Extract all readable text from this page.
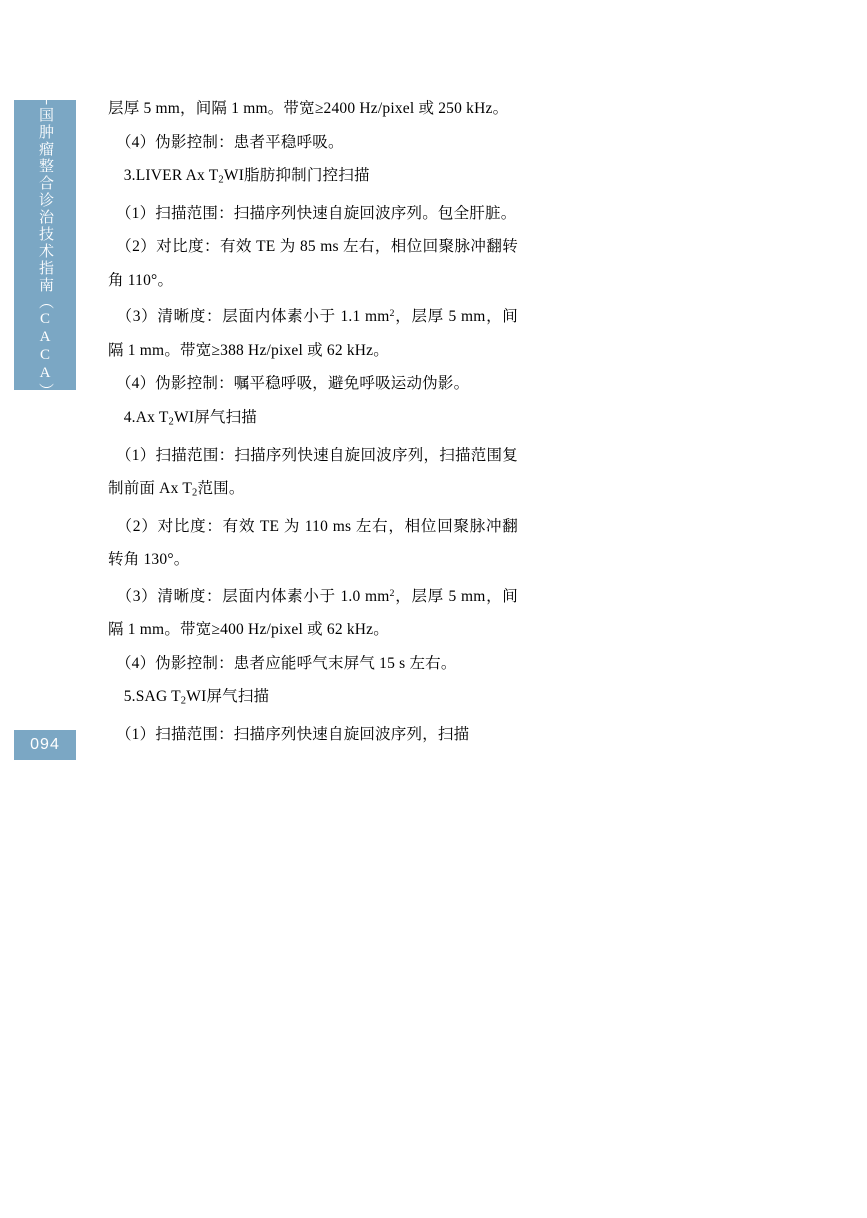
中国肿瘤整合诊治技术指南（CACA）
094

层厚 5 mm，间隔 1 mm。带宽≥2400 Hz/pixel 或 250 kHz。

　（4）伪影控制：患者平稳呼吸。

　3.LIVER Ax $T_2WI$脂肪抑制门控扫描

　（1）扫描范围：扫描序列快速自旋回波序列。包全肝脏。

　（2）对比度：有效 TE 为 85 ms 左右，相位回聚脉冲翻转角 110°。

　（3）清晰度：层面内体素小于 1.1 $mm^2$，层厚 5 mm，间隔 1 mm。带宽≥388 Hz/pixel 或 62 kHz。

　（4）伪影控制：嘱平稳呼吸，避免呼吸运动伪影。

　4.Ax $T_2WI$屏气扫描

　（1）扫描范围：扫描序列快速自旋回波序列，扫描范围复制前面 Ax $T_2$范围。

　（2）对比度：有效 TE 为 110 ms 左右，相位回聚脉冲翻转角 130°。

　（3）清晰度：层面内体素小于 1.0 $mm^2$，层厚 5 mm，间隔 1 mm。带宽≥400 Hz/pixel 或 62 kHz。

　（4）伪影控制：患者应能呼气末屏气 15 s 左右。

　5.SAG $T_2WI$屏气扫描

　（1）扫描范围：扫描序列快速自旋回波序列，扫描
